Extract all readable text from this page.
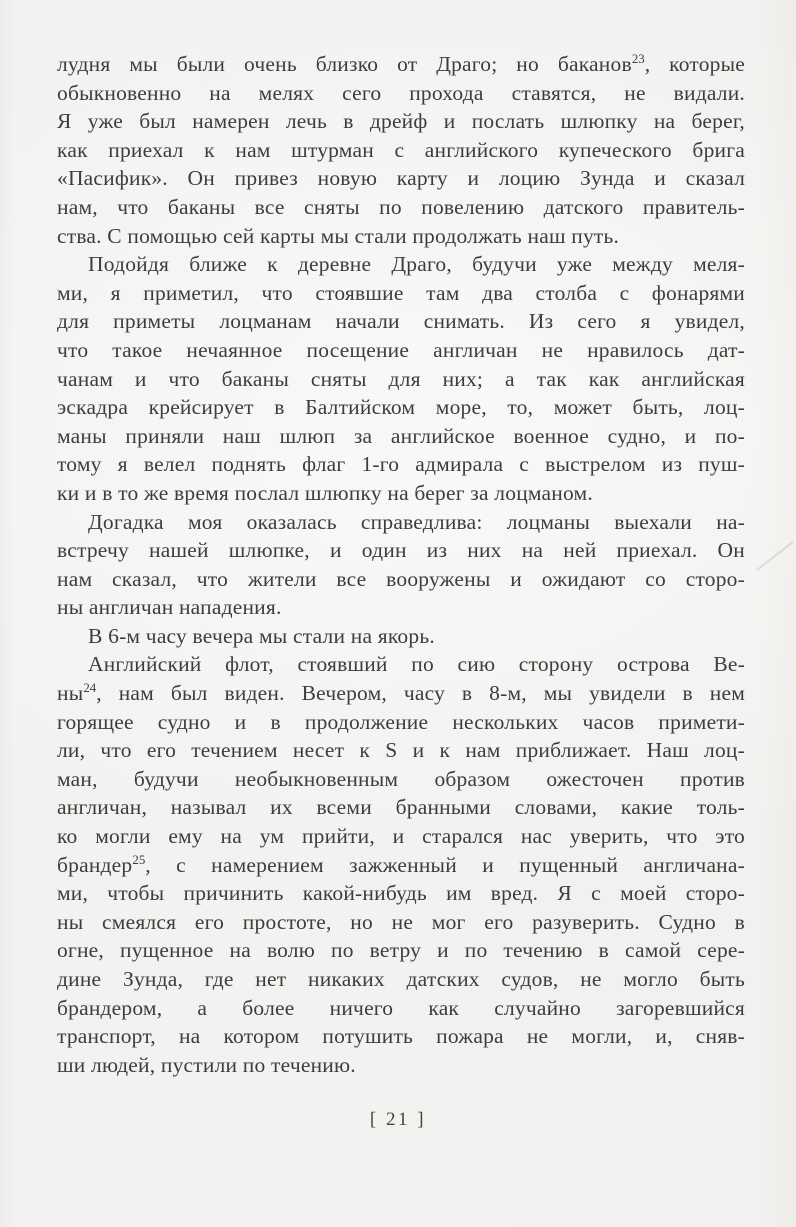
лудня мы были очень близко от Драго; но баканов$^{23}$, которые
обыкновенно на мелях сего прохода ставятся, не видали.
Я уже был намерен лечь в дрейф и послать шлюпку на берег,
как приехал к нам штурман с английского купеческого брига
«Пасифик». Он привез новую карту и лоцию Зунда и сказал
нам, что баканы все сняты по повелению датского правитель-
ства. С помощью сей карты мы стали продолжать наш путь.
Подойдя ближе к деревне Драго, будучи уже между меля-
ми, я приметил, что стоявшие там два столба с фонарями
для приметы лоцманам начали снимать. Из сего я увидел,
что такое нечаянное посещение англичан не нравилось дат-
чанам и что баканы сняты для них; а так как английская
эскадра крейсирует в Балтийском море, то, может быть, лоц-
маны приняли наш шлюп за английское военное судно, и по-
тому я велел поднять флаг 1-го адмирала с выстрелом из пуш-
ки и в то же время послал шлюпку на берег за лоцманом.
Догадка моя оказалась справедлива: лоцманы выехали на-
встречу нашей шлюпке, и один из них на ней приехал. Он
нам сказал, что жители все вооружены и ожидают со сторо-
ны англичан нападения.
В 6-м часу вечера мы стали на якорь.
Английский флот, стоявший по сию сторону острова Ве-
$ны^{24}$, нам был виден. Вечером, часу в 8-м, мы увидели в нем
горящее судно и в продолжение нескольких часов примети-
ли, что его течением несет к S и к нам приближает. Наш лоц-
ман, будучи необыкновенным образом ожесточен против
англичан, называл их всеми бранными словами, какие толь-
ко могли ему на ум прийти, и старался нас уверить, что это
брандер$^{25}$, с намерением зажженный и пущенный англичана-
ми, чтобы причинить какой-нибудь им вред. Я с моей сторо-
ны смеялся его простоте, но не мог его разуверить. Судно в
огне, пущенное на волю по ветру и по течению в самой сере-
дине Зунда, где нет никаких датских судов, не могло быть
брандером, а более ничего как случайно загоревшийся
транспорт, на котором потушить пожара не могли, и, сняв-
ши людей, пустили по течению.
[ 21 ]
